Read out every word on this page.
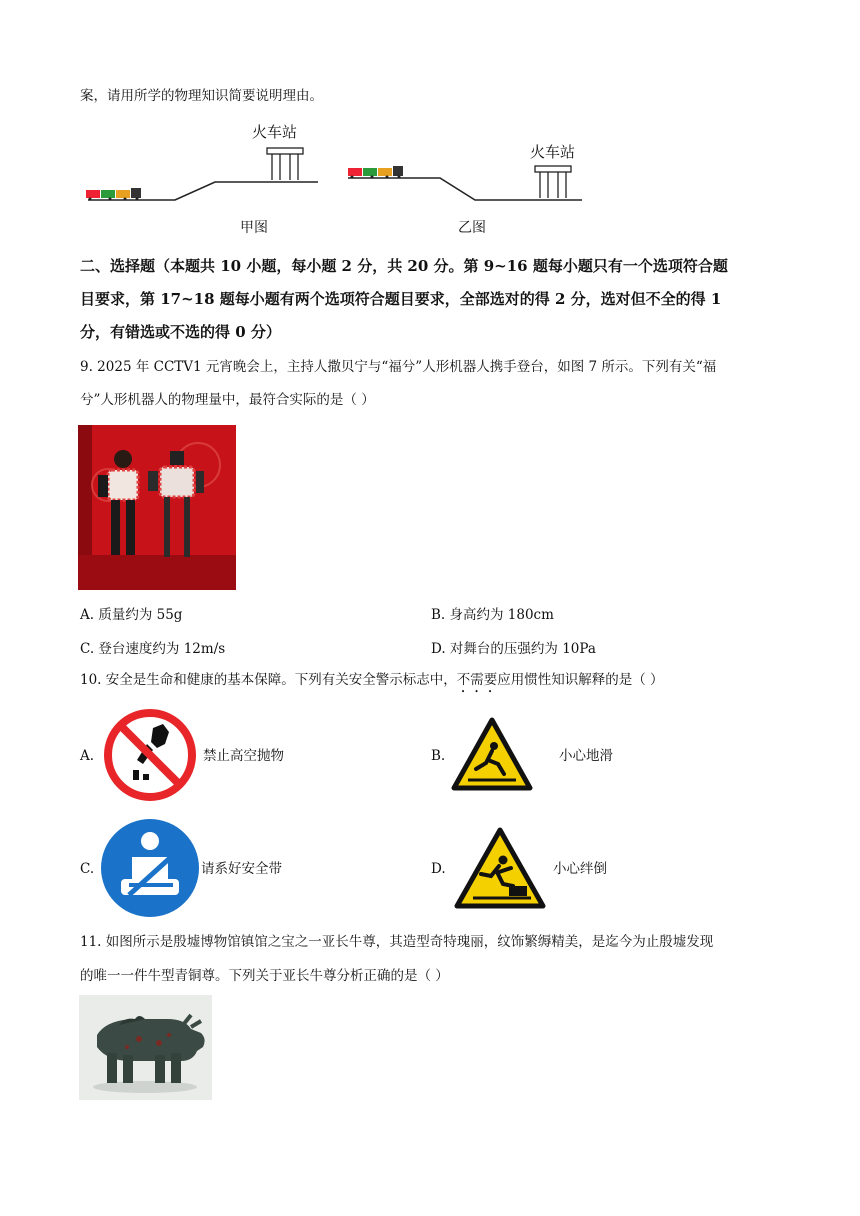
案，请用所学的物理知识简要说明理由。
火车站
火车站
甲图	乙图
二、选择题（本题共 10 小题，每小题 2 分，共 20 分。第 9~16 题每小题只有一个选项符合题
目要求，第 17~18 题每小题有两个选项符合题目要求，全部选对的得 2 分，选对但不全的得 1
分，有错选或不选的得 0 分）
9. 2025 年 CCTV1 元宵晚会上，主持人撒贝宁与“福兮”人形机器人携手登台，如图 7 所示。下列有关“福
兮”人形机器人的物理量中，最符合实际的是（ ）
A. 质量约为 55g	B. 身高约为 180cm
C. 登台速度约为 12m/s	D. 对舞台的压强约为 10Pa
10. 安全是生命和健康的基本保障。下列有关安全警示标志中，不需要应用惯性知识解释的是（ ）
A.	禁止高空抛物	B.	小心地滑
C.	请系好安全带	D.	小心绊倒
11. 如图所示是殷墟博物馆镇馆之宝之一亚长牛尊，其造型奇特瑰丽，纹饰繁缛精美，是迄今为止殷墟发现
的唯一一件牛型青铜尊。下列关于亚长牛尊分析正确的是（ ）
